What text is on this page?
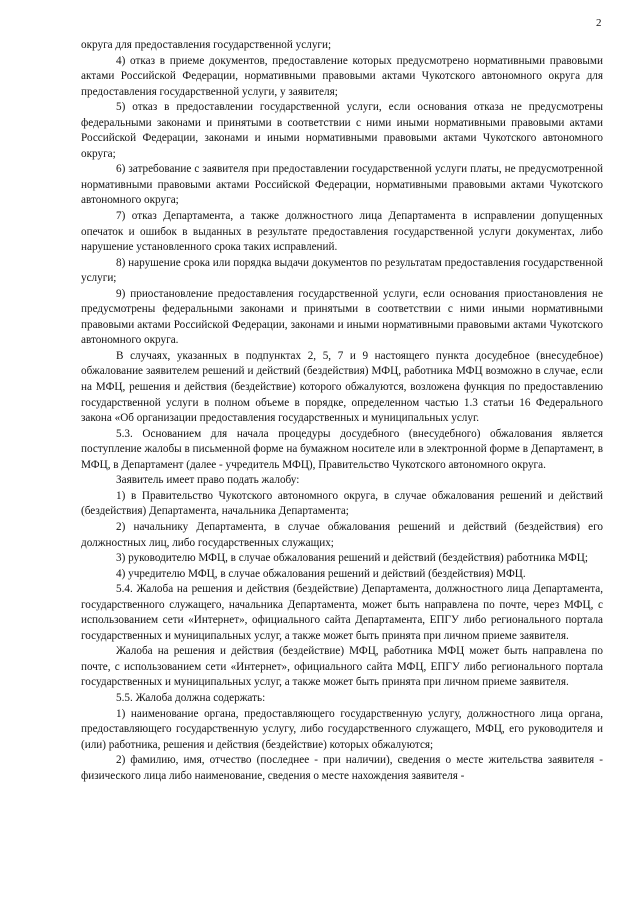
2

округа для предоставления государственной услуги;

4) отказ в приеме документов, предоставление которых предусмотрено нормативными правовыми актами Российской Федерации, нормативными правовыми актами Чукотского автономного округа для предоставления государственной услуги, у заявителя;

5) отказ в предоставлении государственной услуги, если основания отказа не предусмотрены федеральными законами и принятыми в соответствии с ними иными нормативными правовыми актами Российской Федерации, законами и иными нормативными правовыми актами Чукотского автономного округа;

6) затребование с заявителя при предоставлении государственной услуги платы, не предусмотренной нормативными правовыми актами Российской Федерации, нормативными правовыми актами Чукотского автономного округа;

7) отказ Департамента, а также должностного лица Департамента в исправлении допущенных опечаток и ошибок в выданных в результате предоставления государственной услуги документах, либо нарушение установленного срока таких исправлений.

8) нарушение срока или порядка выдачи документов по результатам предоставления государственной услуги;

9) приостановление предоставления государственной услуги, если основания приостановления не предусмотрены федеральными законами и принятыми в соответствии с ними иными нормативными правовыми актами Российской Федерации, законами и иными нормативными правовыми актами Чукотского автономного округа.

В случаях, указанных в подпунктах 2, 5, 7 и 9 настоящего пункта досудебное (внесудебное) обжалование заявителем решений и действий (бездействия) МФЦ, работника МФЦ возможно в случае, если на МФЦ, решения и действия (бездействие) которого обжалуются, возложена функция по предоставлению государственной услуги в полном объеме в порядке, определенном частью 1.3 статьи 16 Федерального закона «Об организации предоставления государственных и муниципальных услуг.

5.3. Основанием для начала процедуры досудебного (внесудебного) обжалования является поступление жалобы в письменной форме на бумажном носителе или в электронной форме в Департамент, в МФЦ, в Департамент (далее - учредитель МФЦ), Правительство Чукотского автономного округа.

Заявитель имеет право подать жалобу:

1) в Правительство Чукотского автономного округа, в случае обжалования решений и действий (бездействия) Департамента, начальника Департамента;

2) начальнику Департамента, в случае обжалования решений и действий (бездействия) его должностных лиц, либо государственных служащих;

3) руководителю МФЦ, в случае обжалования решений и действий (бездействия) работника МФЦ;

4) учредителю МФЦ, в случае обжалования решений и действий (бездействия) МФЦ.

5.4. Жалоба на решения и действия (бездействие) Департамента, должностного лица Департамента, государственного служащего, начальника Департамента, может быть направлена по почте, через МФЦ, с использованием сети «Интернет», официального сайта Департамента, ЕПГУ либо регионального портала государственных и муниципальных услуг, а также может быть принята при личном приеме заявителя.

Жалоба на решения и действия (бездействие) МФЦ, работника МФЦ может быть направлена по почте, с использованием сети «Интернет», официального сайта МФЦ, ЕПГУ либо регионального портала государственных и муниципальных услуг, а также может быть принята при личном приеме заявителя.

5.5. Жалоба должна содержать:

1) наименование органа, предоставляющего государственную услугу, должностного лица органа, предоставляющего государственную услугу, либо государственного служащего, МФЦ, его руководителя и (или) работника, решения и действия (бездействие) которых обжалуются;

2) фамилию, имя, отчество (последнее - при наличии), сведения о месте жительства заявителя - физического лица либо наименование, сведения о месте нахождения заявителя -
